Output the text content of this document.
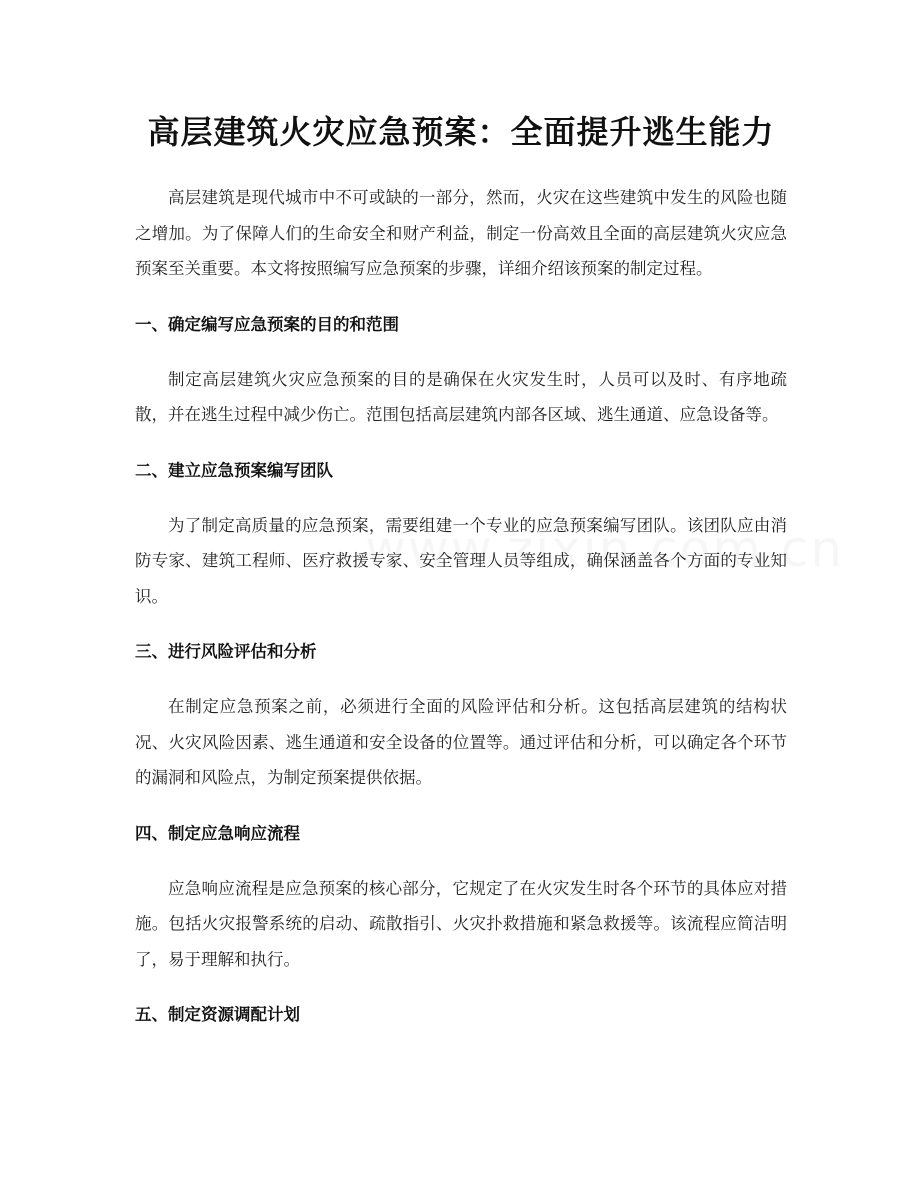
高层建筑火灾应急预案：全面提升逃生能力

高层建筑是现代城市中不可或缺的一部分，然而，火灾在这些建筑中发生的风险也随之增加。为了保障人们的生命安全和财产利益，制定一份高效且全面的高层建筑火灾应急预案至关重要。本文将按照编写应急预案的步骤，详细介绍该预案的制定过程。

一、确定编写应急预案的目的和范围

制定高层建筑火灾应急预案的目的是确保在火灾发生时，人员可以及时、有序地疏散，并在逃生过程中减少伤亡。范围包括高层建筑内部各区域、逃生通道、应急设备等。

二、建立应急预案编写团队

为了制定高质量的应急预案，需要组建一个专业的应急预案编写团队。该团队应由消防专家、建筑工程师、医疗救援专家、安全管理人员等组成，确保涵盖各个方面的专业知识。

三、进行风险评估和分析

在制定应急预案之前，必须进行全面的风险评估和分析。这包括高层建筑的结构状况、火灾风险因素、逃生通道和安全设备的位置等。通过评估和分析，可以确定各个环节的漏洞和风险点，为制定预案提供依据。

四、制定应急响应流程

应急响应流程是应急预案的核心部分，它规定了在火灾发生时各个环节的具体应对措施。包括火灾报警系统的启动、疏散指引、火灾扑救措施和紧急救援等。该流程应简洁明了，易于理解和执行。

五、制定资源调配计划
